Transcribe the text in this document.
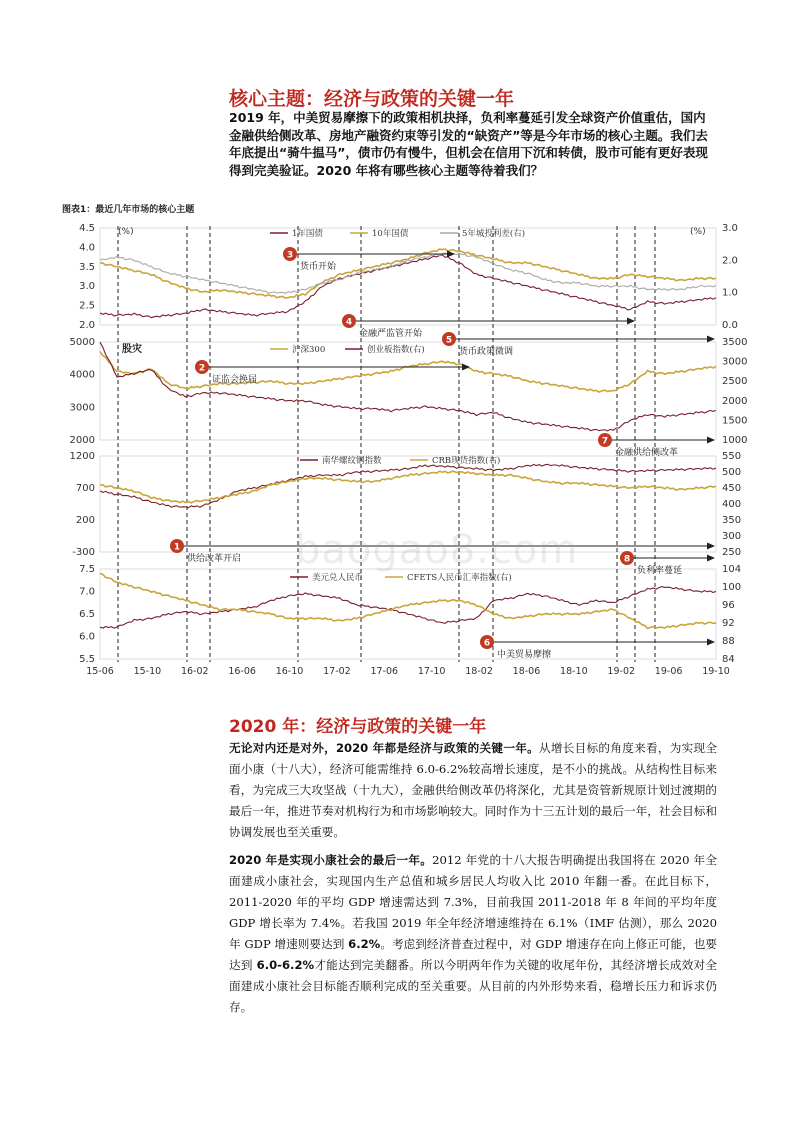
核心主题：经济与政策的关键一年
2019 年，中美贸易摩擦下的政策相机抉择，负利率蔓延引发全球资产价值重估，国内金融供给侧改革、房地产融资约束等引发的“缺资产”等是今年市场的核心主题。我们去年底提出“骑牛揾马”，债市仍有慢牛，但机会在信用下沉和转债，股市可能有更好表现得到完美验证。2020 年将有哪些核心主题等待着我们？
图表1：最近几年市场的核心主题
4.5
4.0
3.5
3.0
2.5
2.0
3.0
2.0
1.0
0.0
(%)	(%)
5000
4000
3000
2000
3500
3000
2500
2000
1500
1000
1200
700
200
-300
550
500
450
400
350
300
250
7.5
7.0
6.5
6.0
5.5
104
100
96
92
88
84
15-06 15-10 16-02 16-06 16-10 17-02 17-06 17-10 18-02 18-06 18-10 19-02 19-06 19-10
1年国债	10年国债	5年城投利差(右)
沪深300	创业板指数(右)
南华螺纹钢指数	CRB现货指数(右)
美元兑人民币	CFETS人民币汇率指数(右)
股灾
1
供给改革开启
2
证监会换届
3
货币开始
4
金融严监管开始
5
货币政策微调
6
中美贸易摩擦
7
金融供给侧改革
8
负利率蔓延
baogao8.com
2020 年：经济与政策的关键一年
无论对内还是对外，2020 年都是经济与政策的关键一年。从增长目标的角度来看，为实现全面小康（十八大），经济可能需维持 6.0-6.2%较高增长速度，是不小的挑战。从结构性目标来看，为完成三大攻坚战（十九大），金融供给侧改革仍将深化，尤其是资管新规原计划过渡期的最后一年，推进节奏对机构行为和市场影响较大。同时作为十三五计划的最后一年，社会目标和协调发展也至关重要。
2020 年是实现小康社会的最后一年。2012 年党的十八大报告明确提出我国将在 2020 年全面建成小康社会，实现国内生产总值和城乡居民人均收入比 2010 年翻一番。在此目标下，2011-2020 年的平均 GDP 增速需达到 7.3%，目前我国 2011-2018 年 8 年间的平均年度 GDP 增长率为 7.4%。若我国 2019 年全年经济增速维持在 6.1%（IMF 估测），那么 2020 年 GDP 增速则要达到 6.2%。考虑到经济普查过程中，对 GDP 增速存在向上修正可能，也要达到 6.0-6.2%才能达到完美翻番。所以今明两年作为关键的收尾年份，其经济增长成效对全面建成小康社会目标能否顺利完成的至关重要。从目前的内外形势来看，稳增长压力和诉求仍存。
